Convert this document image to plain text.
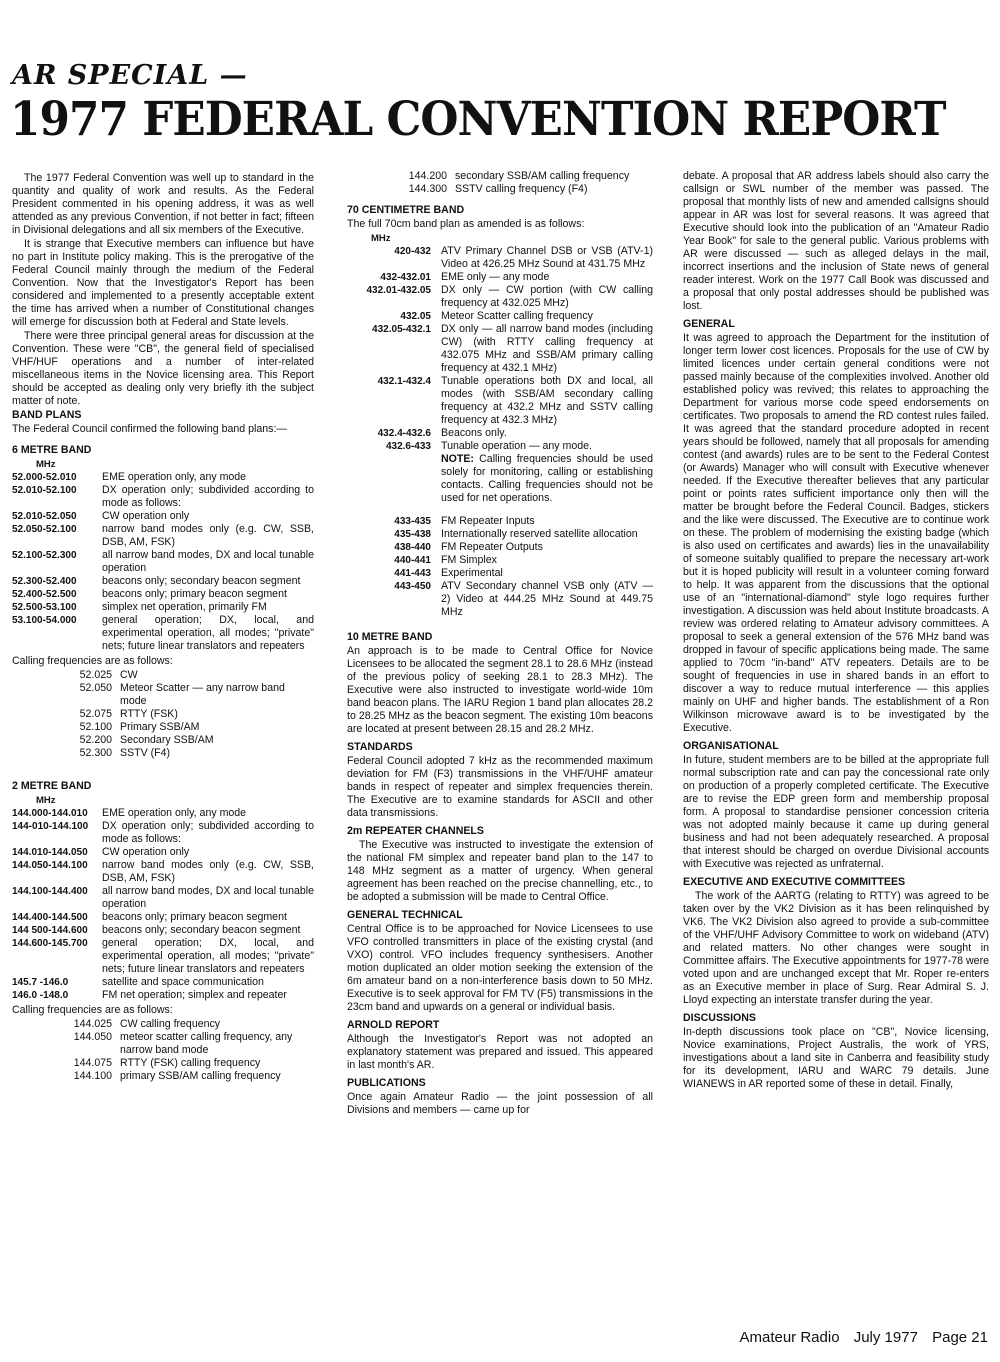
AR SPECIAL —
1977 FEDERAL CONVENTION REPORT

The 1977 Federal Convention was well up to standard in the quantity and quality of work and results. As the Federal President commented in his opening address, it was as well attended as any previous Convention, if not better in fact; fifteen in Divisional delegations and all six members of the Executive.

It is strange that Executive members can influence but have no part in Institute policy making. This is the prerogative of the Federal Council mainly through the medium of the Federal Convention. Now that the Investigator's Report has been considered and implemented to a presently acceptable extent the time has arrived when a number of Constitutional changes will emerge for discussion both at Federal and State levels.

There were three principal general areas for discussion at the Convention. These were "CB", the general field of specialised VHF/HUF operations and a number of inter-related miscellaneous items in the Novice licensing area. This Report should be accepted as dealing only very briefly ith the subject matter of note.

BAND PLANS

The Federal Council confirmed the following band plans:—

6 METRE BAND
MHz
52.000-52.010	EME operation only, any mode
52.010-52.100	DX operation only; subdivided according to mode as follows:
52.010-52.050	CW operation only
52.050-52.100	narrow band modes only (e.g. CW, SSB, DSB, AM, FSK)
52.100-52.300	all narrow band modes, DX and local tunable operation
52.300-52.400	beacons only; secondary beacon segment
52.400-52.500	beacons only; primary beacon segment
52.500-53.100	simplex net operation, primarily FM
53.100-54.000	general operation; DX, local, and experimental operation, all modes; "private" nets; future linear translators and repeaters

Calling frequencies are as follows:

52.025 CW
52.050 Meteor Scatter — any narrow band mode
52.075 RTTY (FSK)
52.100 Primary SSB/AM
52.200 Secondary SSB/AM
52.300 SSTV (F4)
2 METRE BAND
MHz
144.000-144.010	EME operation only, any mode
144-010-144.100	DX operation only; subdivided according to mode as follows:
144.010-144.050	CW operation only
144.050-144.100	narrow band modes only (e.g. CW, SSB, DSB, AM, FSK)
144.100-144.400	all narrow band modes, DX and local tunable operation
144.400-144.500	beacons only; primary beacon segment
144 500-144.600	beacons only; secondary beacon segment
144.600-145.700	general operation; DX, local, and experimental operation, all modes; "private" nets; future linear translators and repeaters
145.7 -146.0	satellite and space communication
146.0 -148.0	FM net operation; simplex and repeater

Calling frequencies are as follows:

144.025 CW calling frequency
144.050 meteor scatter calling frequency, any narrow band mode
144.075 RTTY (FSK) calling frequency
144.100 primary SSB/AM calling frequency
144.200 secondary SSB/AM calling frequency
144.300 SSTV calling frequency (F4)
70 CENTIMETRE BAND

The full 70cm band plan as amended is as follows:

MHz
420-432 ATV Primary Channel DSB or VSB (ATV-1) Video at 426.25 MHz Sound at 431.75 MHz
432-432.01 EME only — any mode
432.01-432.05 DX only — CW portion (with CW calling frequency at 432.025 MHz)
432.05 Meteor Scatter calling frequency
432.05-432.1 DX only — all narrow band modes (including CW) (with RTTY calling frequency at 432.075 MHz and SSB/AM primary calling frequency at 432.1 MHz)
432.1-432.4 Tunable operations both DX and local, all modes (with SSB/AM secondary calling frequency at 432.2 MHz and SSTV calling frequency at 432.3 MHz)
432.4-432.6 Beacons only.
432.6-433 Tunable operation — any mode.
NOTE: Calling frequencies should be used solely for monitoring, calling or establishing contacts. Calling frequencies should not be used for net operations.
433-435 FM Repeater Inputs
435-438 Internationally reserved satellite allocation
438-440 FM Repeater Outputs
440-441 FM Simplex
441-443 Experimental
443-450 ATV Secondary channel VSB only (ATV — 2) Video at 444.25 MHz Sound at 449.75 MHz
10 METRE BAND

An approach is to be made to Central Office for Novice Licensees to be allocated the segment 28.1 to 28.6 MHz (instead of the previous policy of seeking 28.1 to 28.3 MHz). The Executive were also instructed to investigate world-wide 10m band beacon plans. The IARU Region 1 band plan allocates 28.2 to 28.25 MHz as the beacon segment. The existing 10m beacons are located at present between 28.15 and 28.2 MHz.

STANDARDS

Federal Council adopted 7 kHz as the recommended maximum deviation for FM (F3) transmissions in the VHF/UHF amateur bands in respect of repeater and simplex frequencies therein. The Executive are to examine standards for ASCII and other data transmissions.

2m REPEATER CHANNELS

The Executive was instructed to investigate the extension of the national FM simplex and repeater band plan to the 147 to 148 MHz segment as a matter of urgency. When general agreement has been reached on the precise channelling, etc., to be adopted a submission will be made to Central Office.

GENERAL TECHNICAL

Central Office is to be approached for Novice Licensees to use VFO controlled transmitters in place of the existing crystal (and VXO) control. VFO includes frequency synthesisers. Another motion duplicated an older motion seeking the extension of the 6m amateur band on a non-interference basis down to 50 MHz. Executive is to seek approval for FM TV (F5) transmissions in the 23cm band and upwards on a general or individual basis.

ARNOLD REPORT

Although the Investigator's Report was not adopted an explanatory statement was prepared and issued. This appeared in last month's AR.

PUBLICATIONS

Once again Amateur Radio — the joint possession of all Divisions and members — came up for

debate. A proposal that AR address labels should also carry the callsign or SWL number of the member was passed. The proposal that monthly lists of new and amended callsigns should appear in AR was lost for several reasons. It was agreed that Executive should look into the publication of an "Amateur Radio Year Book" for sale to the general public. Various problems with AR were discussed — such as alleged delays in the mail, incorrect insertions and the inclusion of State news of general reader interest. Work on the 1977 Call Book was discussed and a proposal that only postal addresses should be published was lost.

GENERAL

It was agreed to approach the Department for the institution of longer term lower cost licences. Proposals for the use of CW by limited licences under certain general conditions were not passed mainly because of the complexities involved. Another old established policy was revived; this relates to approaching the Department for various morse code speed endorsements on certificates. Two proposals to amend the RD contest rules failed. It was agreed that the standard procedure adopted in recent years should be followed, namely that all proposals for amending contest (and awards) rules are to be sent to the Federal Contest (or Awards) Manager who will consult with Executive whenever needed. If the Executive thereafter believes that any particular point or points rates sufficient importance only then will the matter be brought before the Federal Council. Badges, stickers and the like were discussed. The Executive are to continue work on these. The problem of modernising the existing badge (which is also used on certificates and awards) lies in the unavailability of someone suitably qualified to prepare the necessary art-work but it is hoped publicity will result in a volunteer coming forward to help. It was apparent from the discussions that the optional use of an "international-diamond" style logo requires further investigation. A discussion was held about Institute broadcasts. A review was ordered relating to Amateur advisory committees. A proposal to seek a general extension of the 576 MHz band was dropped in favour of specific applications being made. The same applied to 70cm "in-band" ATV repeaters. Details are to be sought of frequencies in use in shared bands in an effort to discover a way to reduce mutual interference — this applies mainly on UHF and higher bands. The establishment of a Ron Wilkinson microwave award is to be investigated by the Executive.

ORGANISATIONAL

In future, student members are to be billed at the appropriate full normal subscription rate and can pay the concessional rate only on production of a properly completed certificate. The Executive are to revise the EDP green form and membership proposal form. A proposal to standardise pensioner concession criteria was not adopted mainly because it came up during general business and had not been adequately researched. A proposal that interest should be charged on overdue Divisional accounts with Executive was rejected as unfraternal.

EXECUTIVE AND EXECUTIVE COMMITTEES

The work of the AARTG (relating to RTTY) was agreed to be taken over by the VK2 Division as it has been relinquished by VK6. The VK2 Division also agreed to provide a sub-committee of the VHF/UHF Advisory Committee to work on wideband (ATV) and related matters. No other changes were sought in Committee affairs. The Executive appointments for 1977-78 were voted upon and are unchanged except that Mr. Roper re-enters as an Executive member in place of Surg. Rear Admiral S. J. Lloyd expecting an interstate transfer during the year.

DISCUSSIONS

In-depth discussions took place on "CB", Novice licensing, Novice examinations, Project Australis, the work of YRS, investigations about a land site in Canberra and feasibility study for its development, IARU and WARC 79 details. June WIANEWS in AR reported some of these in detail. Finally,

Amateur Radio July 1977 Page 21
